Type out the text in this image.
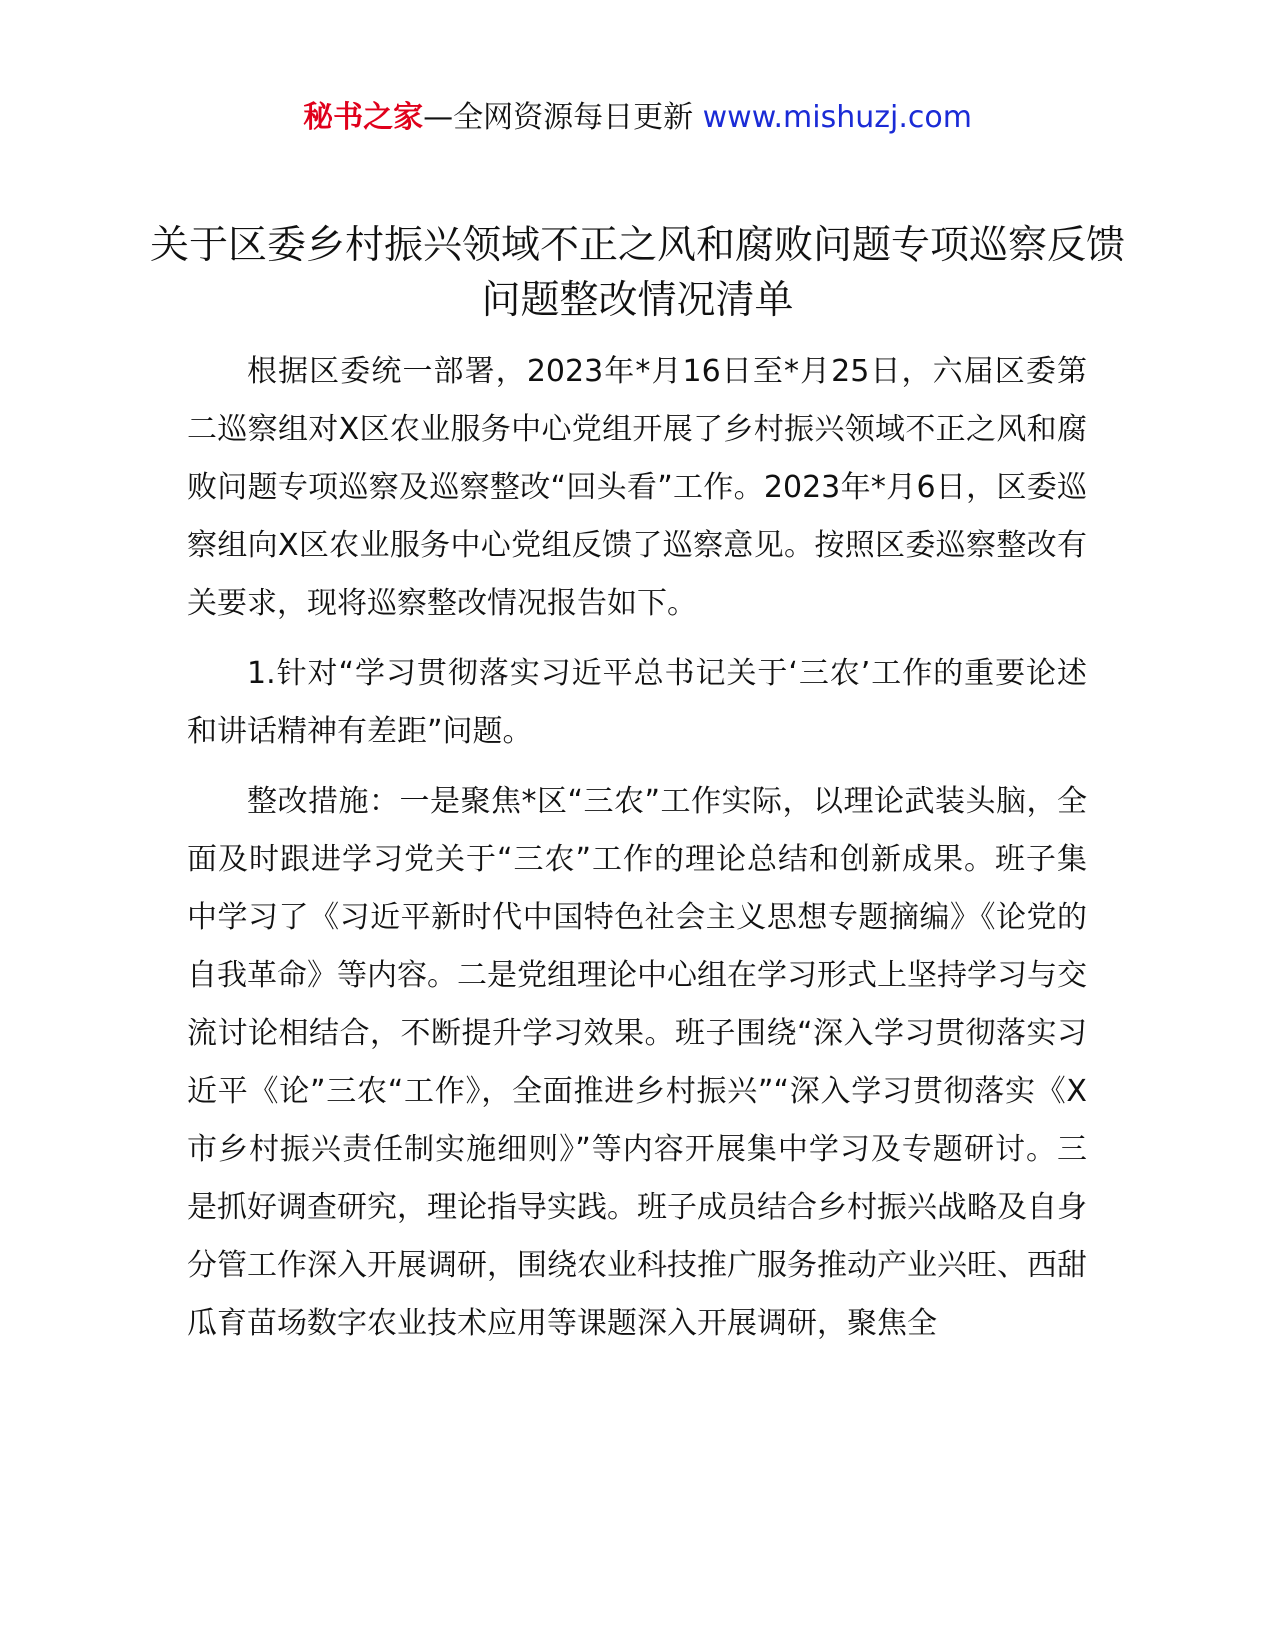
秘书之家—全网资源每日更新 www.mishuzj.com
关于区委乡村振兴领域不正之风和腐败问题专项巡察反馈问题整改情况清单

根据区委统一部署，2023年*月16日至*月25日，六届区委第二巡察组对X区农业服务中心党组开展了乡村振兴领域不正之风和腐败问题专项巡察及巡察整改“回头看”工作。2023年*月6日，区委巡察组向X区农业服务中心党组反馈了巡察意见。按照区委巡察整改有关要求，现将巡察整改情况报告如下。

1.针对“学习贯彻落实习近平总书记关于‘三农’工作的重要论述和讲话精神有差距”问题。

整改措施：一是聚焦*区“三农”工作实际，以理论武装头脑，全面及时跟进学习党关于“三农”工作的理论总结和创新成果。班子集中学习了《习近平新时代中国特色社会主义思想专题摘编》《论党的自我革命》等内容。二是党组理论中心组在学习形式上坚持学习与交流讨论相结合，不断提升学习效果。班子围绕“深入学习贯彻落实习近平《论”三农“工作》，全面推进乡村振兴”“深入学习贯彻落实《X市乡村振兴责任制实施细则》”等内容开展集中学习及专题研讨。三是抓好调查研究，理论指导实践。班子成员结合乡村振兴战略及自身分管工作深入开展调研，围绕农业科技推广服务推动产业兴旺、西甜瓜育苗场数字农业技术应用等课题深入开展调研，聚焦全
